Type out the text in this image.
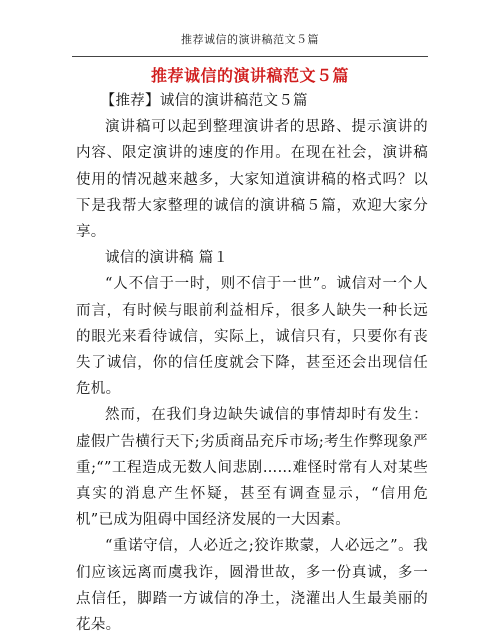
推荐诚信的演讲稿范文５篇
推荐诚信的演讲稿范文５篇

【推荐】诚信的演讲稿范文５篇

演讲稿可以起到整理演讲者的思路、提示演讲的内容、限定演讲的速度的作用。在现在社会，演讲稿使用的情况越来越多，大家知道演讲稿的格式吗？以下是我帮大家整理的诚信的演讲稿５篇，欢迎大家分享。

诚信的演讲稿 篇１

“人不信于一时，则不信于一世”。诚信对一个人而言，有时候与眼前利益相斥，很多人缺失一种长远的眼光来看待诚信，实际上，诚信只有，只要你有丧失了诚信，你的信任度就会下降，甚至还会出现信任危机。

然而，在我们身边缺失诚信的事情却时有发生：虚假广告横行天下;劣质商品充斥市场;考生作弊现象严重;“”工程造成无数人间悲剧……难怪时常有人对某些真实的消息产生怀疑，甚至有调查显示，“信用危机”已成为阻碍中国经济发展的一大因素。

“重诺守信，人必近之;狡诈欺蒙，人必远之”。我们应该远离而虞我诈，圆滑世故，多一份真诚，多一点信任，脚踏一方诚信的净土，浇灌出人生最美丽的花朵。
